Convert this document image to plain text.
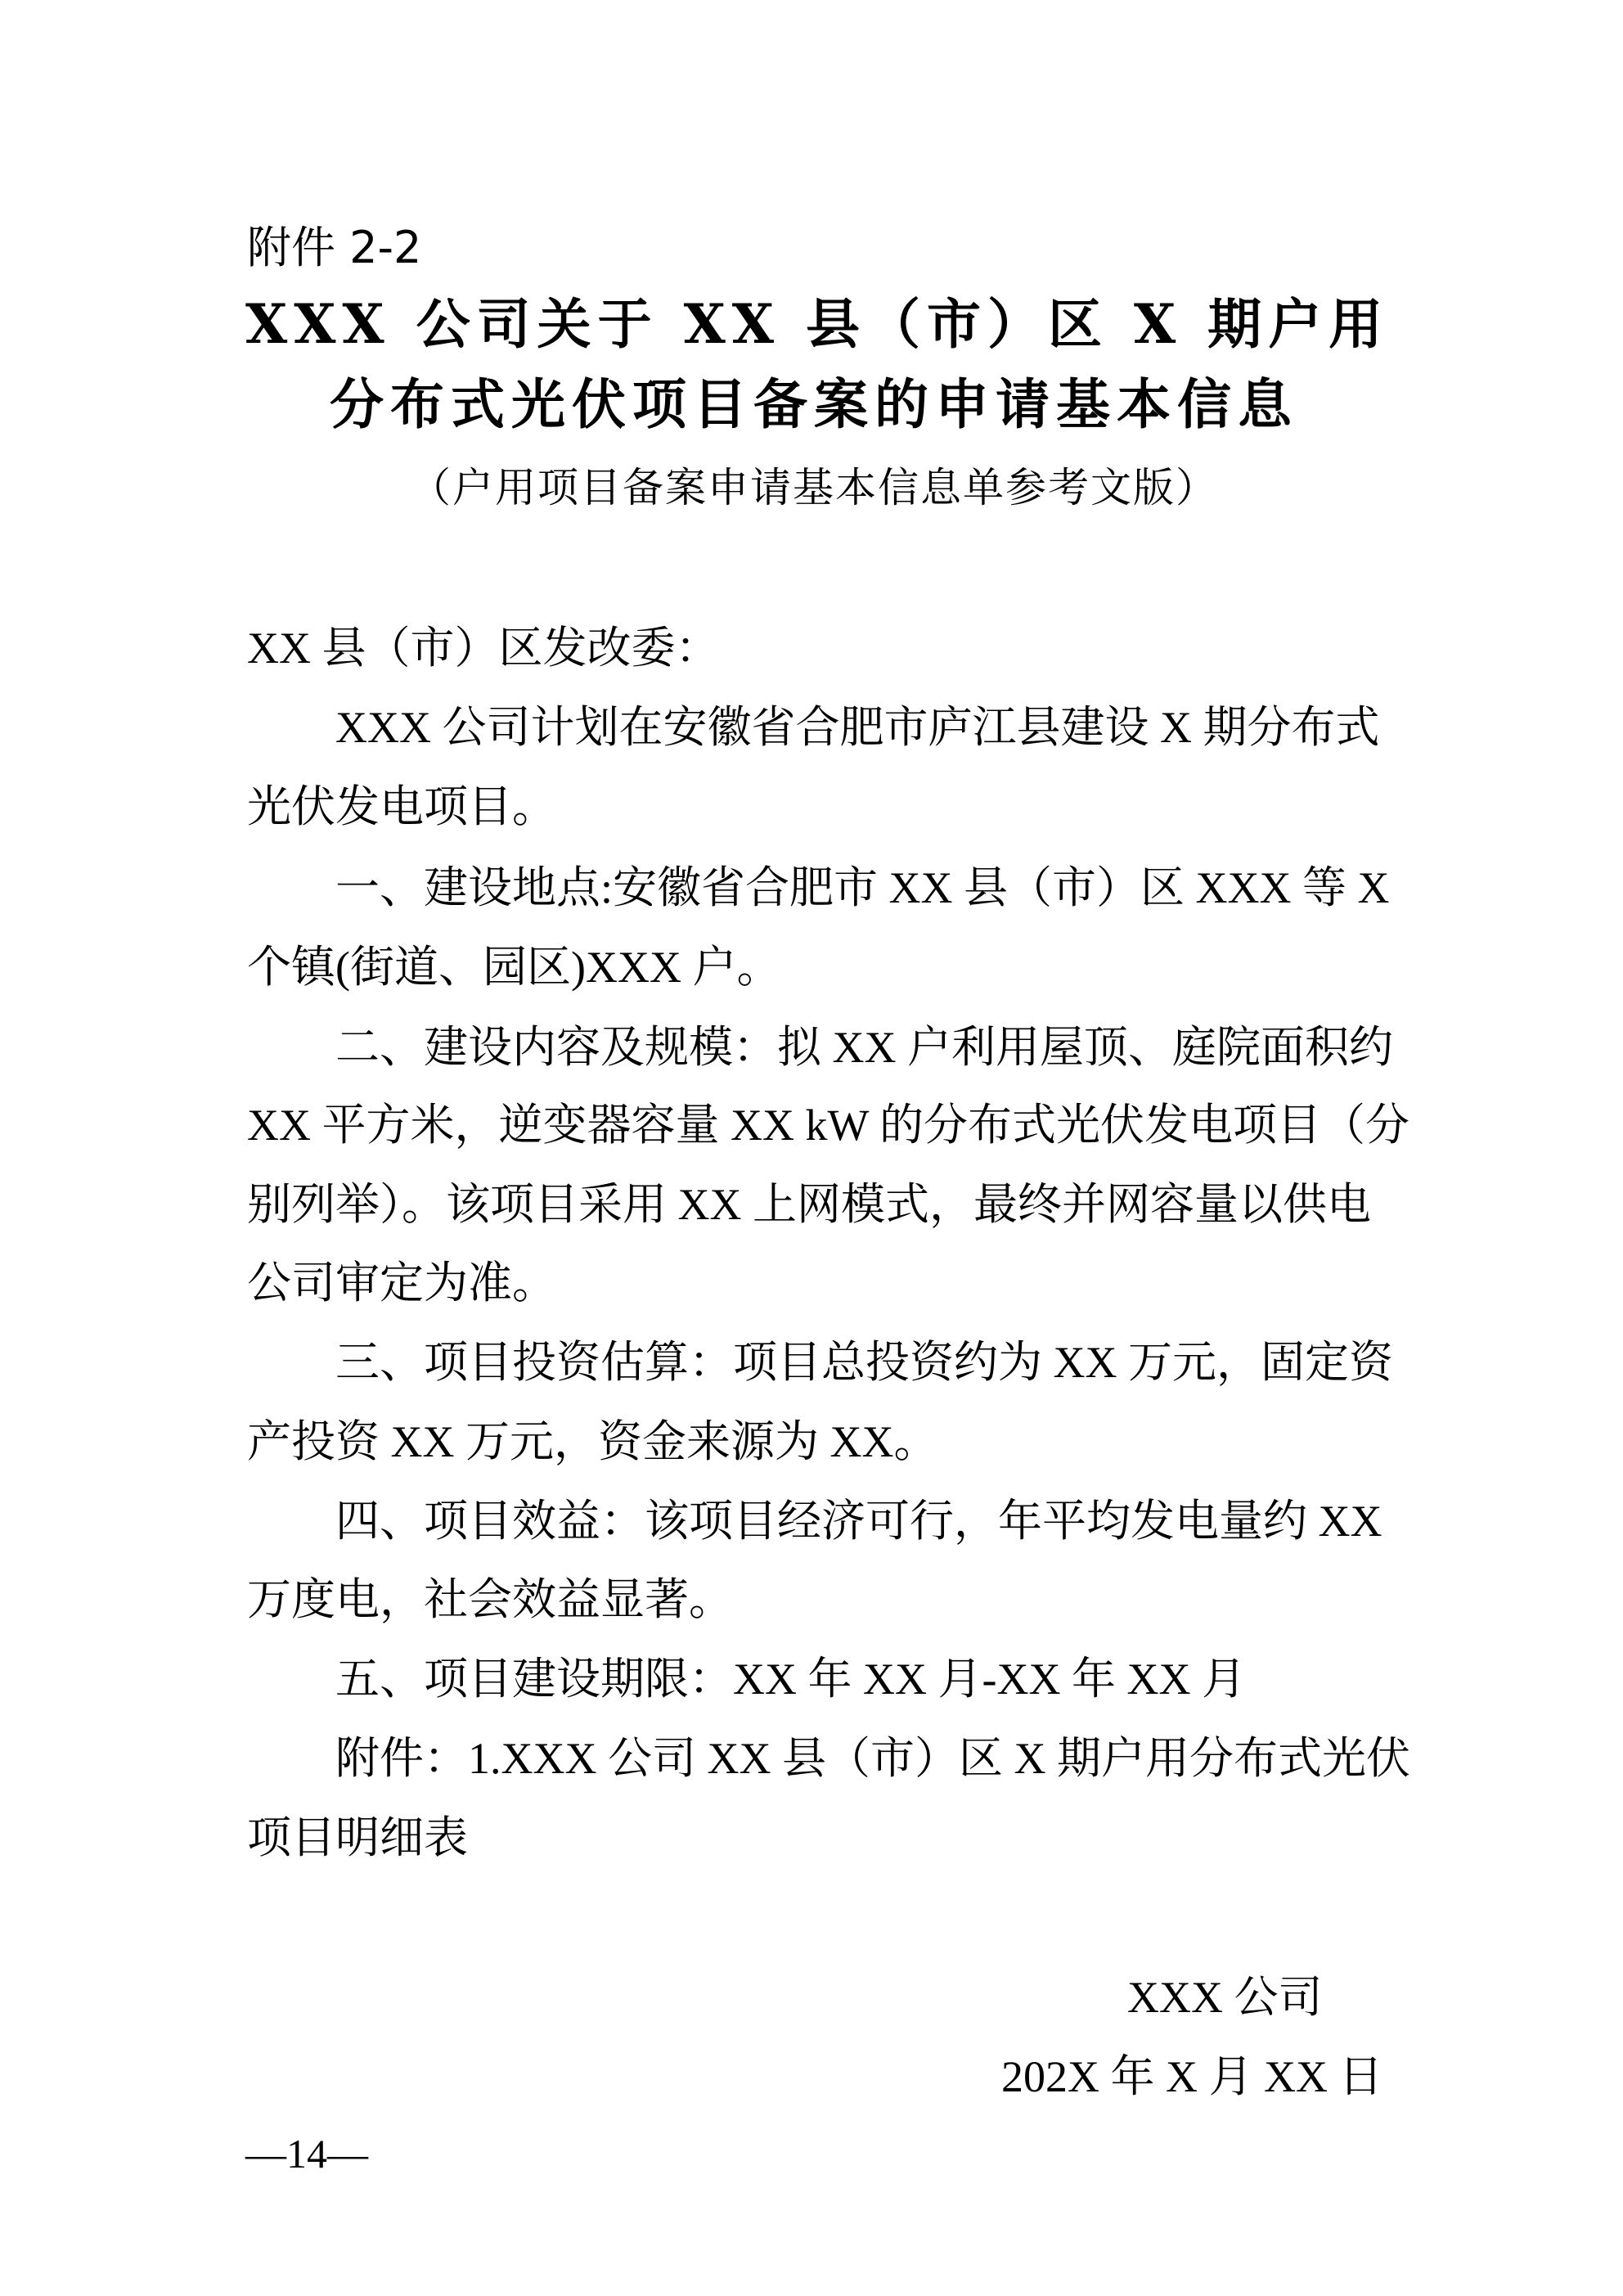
附件 2-2
XXX 公司关于 XX 县（市）区 X 期户用
分布式光伏项目备案的申请基本信息
（户用项目备案申请基本信息单参考文版）
XX 县（市）区发改委：
XXX 公司计划在安徽省合肥市庐江县建设 X 期分布式
光伏发电项目。
一、建设地点:安徽省合肥市 XX 县（市）区 XXX 等 X
个镇(街道、园区)XXX 户。
二、建设内容及规模：拟 XX 户利用屋顶、庭院面积约
XX 平方米，逆变器容量 XX kW 的分布式光伏发电项目（分
别列举）。该项目采用 XX 上网模式，最终并网容量以供电
公司审定为准。
三、项目投资估算：项目总投资约为 XX 万元，固定资
产投资 XX 万元，资金来源为 XX。
四、项目效益：该项目经济可行，年平均发电量约 XX
万度电，社会效益显著。
五、项目建设期限：XX 年 XX 月-XX 年 XX 月
附件：1.XXX 公司 XX 县（市）区 X 期户用分布式光伏
项目明细表
XXX 公司
202X 年 X 月 XX 日
—14—
